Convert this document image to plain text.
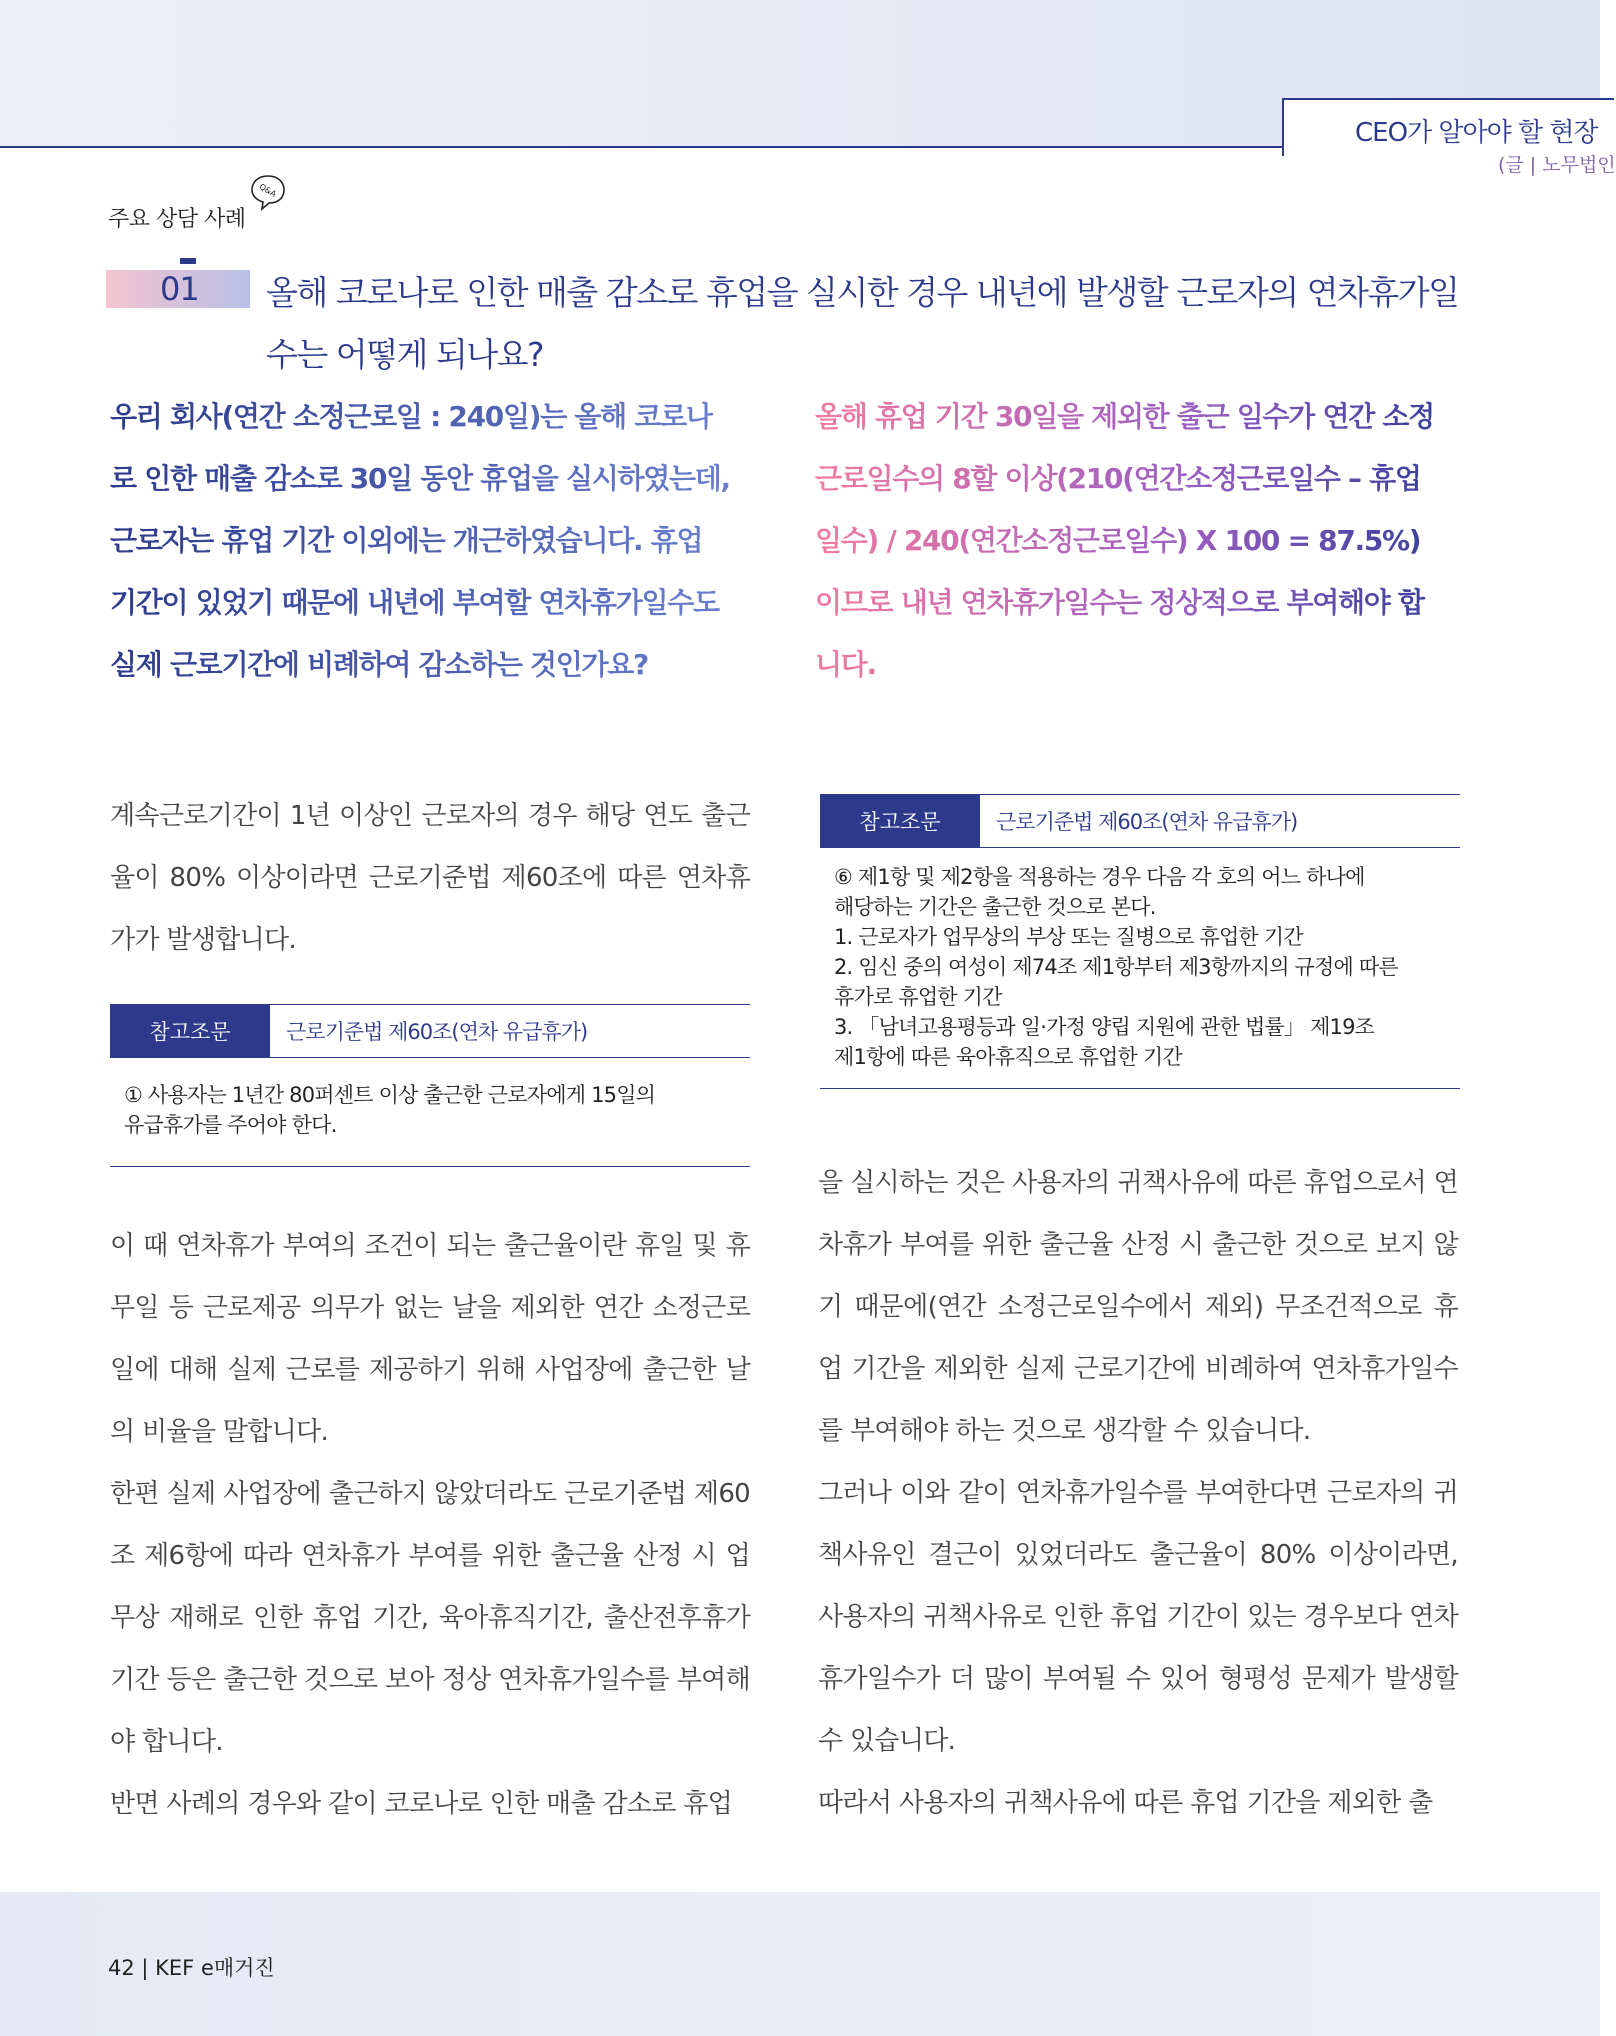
CEO가 알아야 할 현장
(글 | 노무법인
주요 상담 사례
Q&A
01 올해 코로나로 인한 매출 감소로 휴업을 실시한 경우 내년에 발생할 근로자의 연차휴가일수는 어떻게 되나요?
우리 회사(연간 소정근로일 : 240일)는 올해 코로나로 인한 매출 감소로 30일 동안 휴업을 실시하였는데, 근로자는 휴업 기간 이외에는 개근하였습니다. 휴업 기간이 있었기 때문에 내년에 부여할 연차휴가일수도 실제 근로기간에 비례하여 감소하는 것인가요?
올해 휴업 기간 30일을 제외한 출근 일수가 연간 소정근로일수의 8할 이상(210(연간소정근로일수 – 휴업일수) / 240(연간소정근로일수) X 100 = 87.5%)이므로 내년 연차휴가일수는 정상적으로 부여해야 합니다.

계속근로기간이 1년 이상인 근로자의 경우 해당 연도 출근율이 80% 이상이라면 근로기준법 제60조에 따른 연차휴가가 발생합니다.

참고조문	근로기준법 제60조(연차 유급휴가)
① 사용자는 1년간 80퍼센트 이상 출근한 근로자에게 15일의
유급휴가를 주어야 한다.

이 때 연차휴가 부여의 조건이 되는 출근율이란 휴일 및 휴무일 등 근로제공 의무가 없는 날을 제외한 연간 소정근로일에 대해 실제 근로를 제공하기 위해 사업장에 출근한 날의 비율을 말합니다.

한편 실제 사업장에 출근하지 않았더라도 근로기준법 제60조 제6항에 따라 연차휴가 부여를 위한 출근율 산정 시 업무상 재해로 인한 휴업 기간, 육아휴직기간, 출산전후휴가기간 등은 출근한 것으로 보아 정상 연차휴가일수를 부여해야 합니다.

반면 사례의 경우와 같이 코로나로 인한 매출 감소로 휴업

참고조문	근로기준법 제60조(연차 유급휴가)
⑥ 제1항 및 제2항을 적용하는 경우 다음 각 호의 어느 하나에
해당하는 기간은 출근한 것으로 본다.
1. 근로자가 업무상의 부상 또는 질병으로 휴업한 기간
2. 임신 중의 여성이 제74조 제1항부터 제3항까지의 규정에 따른
휴가로 휴업한 기간
3. 「남녀고용평등과 일·가정 양립 지원에 관한 법률」 제19조
제1항에 따른 육아휴직으로 휴업한 기간

을 실시하는 것은 사용자의 귀책사유에 따른 휴업으로서 연차휴가 부여를 위한 출근율 산정 시 출근한 것으로 보지 않기 때문에(연간 소정근로일수에서 제외) 무조건적으로 휴업 기간을 제외한 실제 근로기간에 비례하여 연차휴가일수를 부여해야 하는 것으로 생각할 수 있습니다.

그러나 이와 같이 연차휴가일수를 부여한다면 근로자의 귀책사유인 결근이 있었더라도 출근율이 80% 이상이라면, 사용자의 귀책사유로 인한 휴업 기간이 있는 경우보다 연차휴가일수가 더 많이 부여될 수 있어 형평성 문제가 발생할 수 있습니다.

따라서 사용자의 귀책사유에 따른 휴업 기간을 제외한 출

42 | KEF e매거진
